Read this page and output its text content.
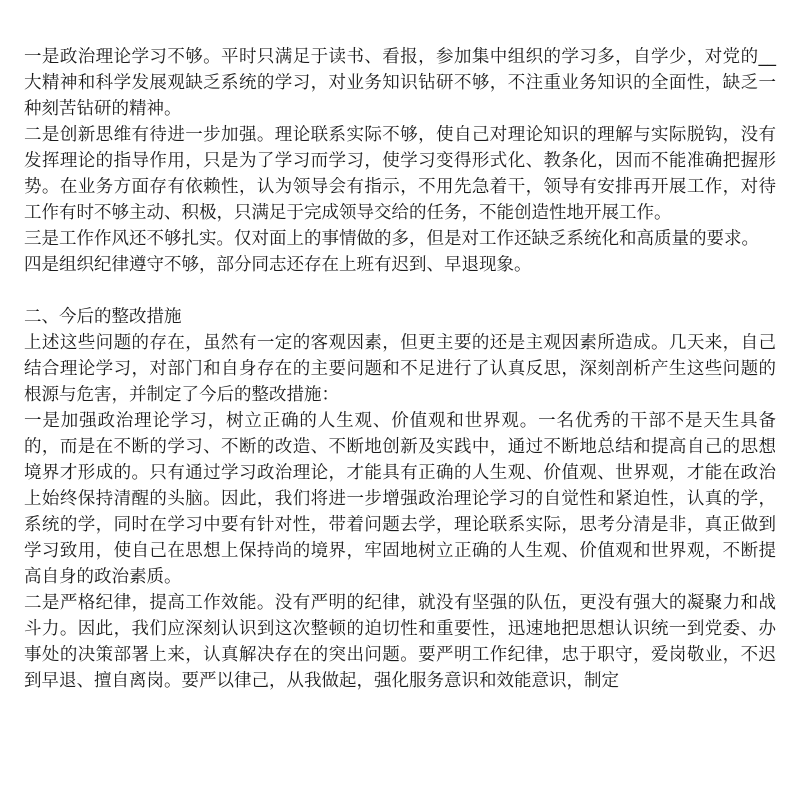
一是政治理论学习不够。平时只满足于读书、看报，参加集中组织的学习多，自学少，对党的__大精神和科学发展观缺乏系统的学习，对业务知识钻研不够，不注重业务知识的全面性，缺乏一种刻苦钻研的精神。

二是创新思维有待进一步加强。理论联系实际不够，使自己对理论知识的理解与实际脱钩，没有发挥理论的指导作用，只是为了学习而学习，使学习变得形式化、教条化，因而不能准确把握形势。在业务方面存有依赖性，认为领导会有指示，不用先急着干，领导有安排再开展工作，对待工作有时不够主动、积极，只满足于完成领导交给的任务，不能创造性地开展工作。

三是工作作风还不够扎实。仅对面上的事情做的多，但是对工作还缺乏系统化和高质量的要求。

四是组织纪律遵守不够，部分同志还存在上班有迟到、早退现象。

二、今后的整改措施

上述这些问题的存在，虽然有一定的客观因素，但更主要的还是主观因素所造成。几天来，自己结合理论学习，对部门和自身存在的主要问题和不足进行了认真反思，深刻剖析产生这些问题的根源与危害，并制定了今后的整改措施：

一是加强政治理论学习，树立正确的人生观、价值观和世界观。一名优秀的干部不是天生具备的，而是在不断的学习、不断的改造、不断地创新及实践中，通过不断地总结和提高自己的思想境界才形成的。只有通过学习政治理论，才能具有正确的人生观、价值观、世界观，才能在政治上始终保持清醒的头脑。因此，我们将进一步增强政治理论学习的自觉性和紧迫性，认真的学，系统的学，同时在学习中要有针对性，带着问题去学，理论联系实际，思考分清是非，真正做到学习致用，使自己在思想上保持尚的境界，牢固地树立正确的人生观、价值观和世界观，不断提高自身的政治素质。

二是严格纪律，提高工作效能。没有严明的纪律，就没有坚强的队伍，更没有强大的凝聚力和战斗力。因此，我们应深刻认识到这次整顿的迫切性和重要性，迅速地把思想认识统一到党委、办事处的决策部署上来，认真解决存在的突出问题。要严明工作纪律，忠于职守，爱岗敬业，不迟到早退、擅自离岗。要严以律己，从我做起，强化服务意识和效能意识，制定
